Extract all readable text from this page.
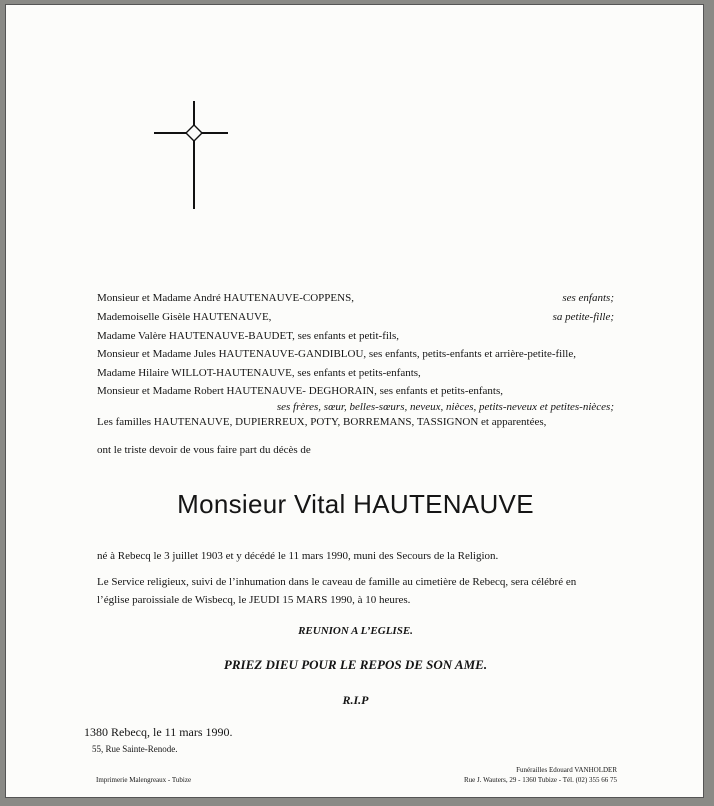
Monsieur et Madame André HAUTENAUVE-COPPENS,	ses enfants;
Mademoiselle Gisèle HAUTENAUVE,	sa petite-fille;
Madame Valère HAUTENAUVE-BAUDET, ses enfants et petit-fils,
Monsieur et Madame Jules HAUTENAUVE-GANDIBLOU, ses enfants, petits-enfants et arrière-petite-fille,
Madame Hilaire WILLOT-HAUTENAUVE, ses enfants et petits-enfants,
Monsieur et Madame Robert HAUTENAUVE- DEGHORAIN, ses enfants et petits-enfants,
ses frères, sœur, belles-sœurs, neveux, nièces, petits-neveux et petites-nièces;
Les familles HAUTENAUVE, DUPIERREUX, POTY, BORREMANS, TASSIGNON et apparentées,
ont le triste devoir de vous faire part du décès de
Monsieur Vital HAUTENAUVE
né à Rebecq le 3 juillet 1903 et y décédé le 11 mars 1990, muni des Secours de la Religion.
Le Service religieux, suivi de l’inhumation dans le caveau de famille au cimetière de Rebecq, sera célébré en
l’église paroissiale de Wisbecq, le JEUDI 15 MARS 1990, à 10 heures.
REUNION A L’EGLISE.
PRIEZ DIEU POUR LE REPOS DE SON AME.
R.I.P
1380 Rebecq, le 11 mars 1990.
55, Rue Sainte-Renode.
Imprimerie Malengreaux - Tubize
Funérailles Edouard VANHOLDER
Rue J. Wauters, 29 - 1360 Tubize - Tél. (02) 355 66 75
